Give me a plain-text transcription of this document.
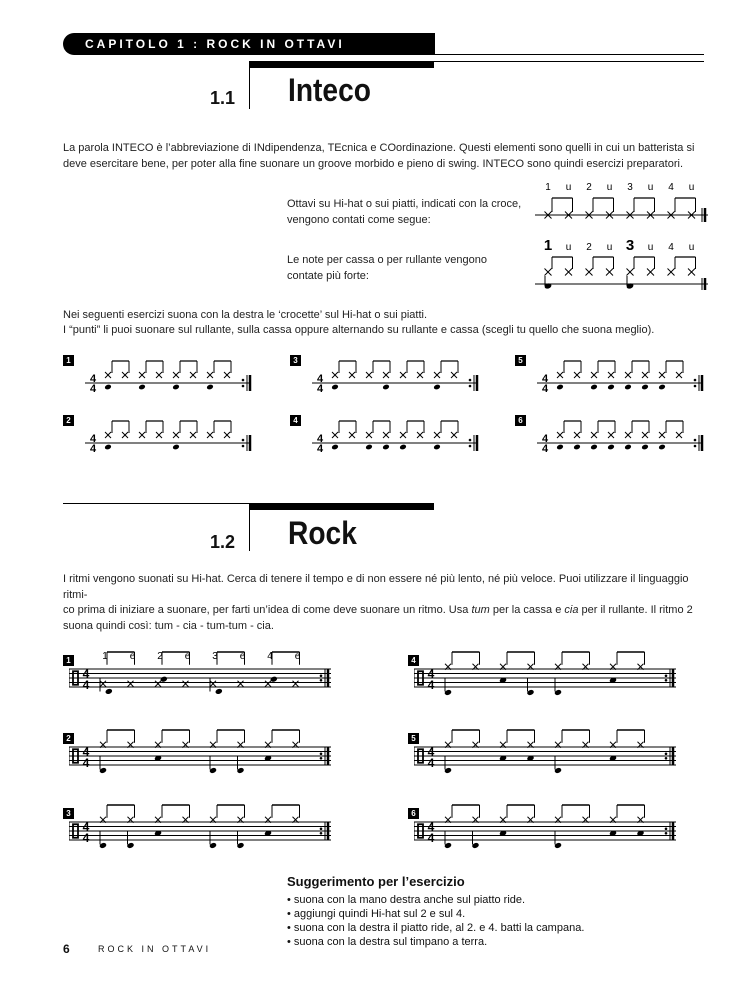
CAPITOLO 1 : ROCK IN OTTAVI
1.1 Inteco
La parola INTECO è l’abbreviazione di INdipendenza, TEcnica e COordinazione. Questi elementi sono quelli in cui un batterista si deve esercitare bene, per poter alla fine suonare un groove morbido e pieno di swing. INTECO sono quindi esercizi preparatori.
Ottavi su Hi-hat o sui piatti, indicati con la croce, vengono contati come segue:
Le note per cassa o per rullante vengono contate più forte:
1 u 2 u 3 u 4 u
1 u 2 u 3 u 4 u
Nei seguenti esercizi suona con la destra le ‘crocette’ sul Hi-hat o sui piatti.
I “punti” li puoi suonare sul rullante, sulla cassa oppure alternando su rullante e cassa (scegli tu quello che suona meglio).
1
4
4
3
4
4
5
4
4
2
4
4
4
4
4
6
4
4
1.2 Rock
I ritmi vengono suonati su Hi-hat. Cerca di tenere il tempo e di non essere né più lento, né più veloce. Puoi utilizzare il linguaggio ritmi-
co prima di iniziare a suonare, per farti un’idea di come deve suonare un ritmo. Usa tum per la cassa e cia per il rullante. Il ritmo 2
suona quindi così: tum - cia - tum-tum - cia.
1
4
4
1 e 2 e 3 e 4 e	4
4
4
2
4
4
5
4
4
3
4
4
6
4
4
Suggerimento per l’esercizio
• suona con la mano destra anche sul piatto ride.
• aggiungi quindi Hi-hat sul 2 e sul 4.
• suona con la destra il piatto ride, al 2. e 4. batti la campana.
• suona con la destra sul timpano a terra.
6	ROCK IN OTTAVI
